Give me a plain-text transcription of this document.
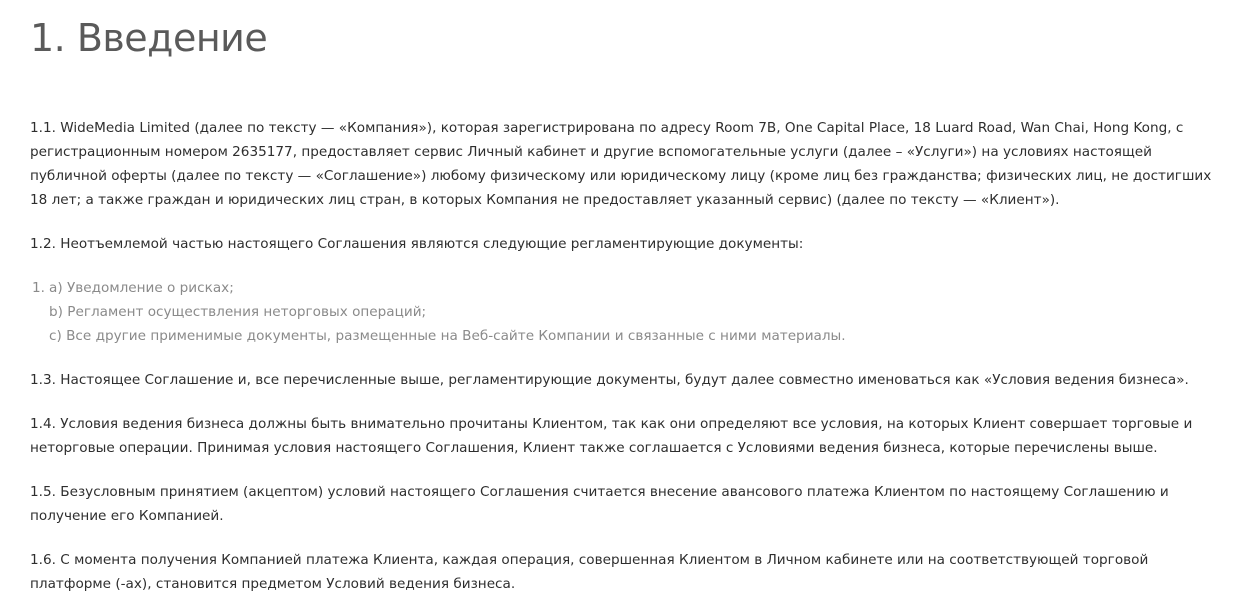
1. Введение

1.1. WideMedia Limited (далее по тексту — «Компания»), которая зарегистрирована по адресу Room 7B, One Capital Place, 18 Luard Road, Wan Chai, Hong Kong, с регистрационным номером 2635177, предоставляет сервис Личный кабинет и другие вспомогательные услуги (далее – «Услуги») на условиях настоящей публичной оферты (далее по тексту — «Соглашение») любому физическому или юридическому лицу (кроме лиц без гражданства; физических лиц, не достигших 18 лет; а также граждан и юридических лиц стран, в которых Компания не предоставляет указанный сервис) (далее по тексту — «Клиент»).

1.2. Неотъемлемой частью настоящего Соглашения являются следующие регламентирующие документы:

1. a) Уведомление о рисках;
b) Регламент осуществления неторговых операций;
c) Все другие применимые документы, размещенные на Веб-сайте Компании и связанные с ними материалы.

1.3. Настоящее Соглашение и, все перечисленные выше, регламентирующие документы, будут далее совместно именоваться как «Условия ведения бизнеса».

1.4. Условия ведения бизнеса должны быть внимательно прочитаны Клиентом, так как они определяют все условия, на которых Клиент совершает торговые и неторговые операции. Принимая условия настоящего Соглашения, Клиент также соглашается с Условиями ведения бизнеса, которые перечислены выше.

1.5. Безусловным принятием (акцептом) условий настоящего Соглашения считается внесение авансового платежа Клиентом по настоящему Соглашению и получение его Компанией.

1.6. С момента получения Компанией платежа Клиента, каждая операция, совершенная Клиентом в Личном кабинете или на соответствующей торговой платформе (-ах), становится предметом Условий ведения бизнеса.
